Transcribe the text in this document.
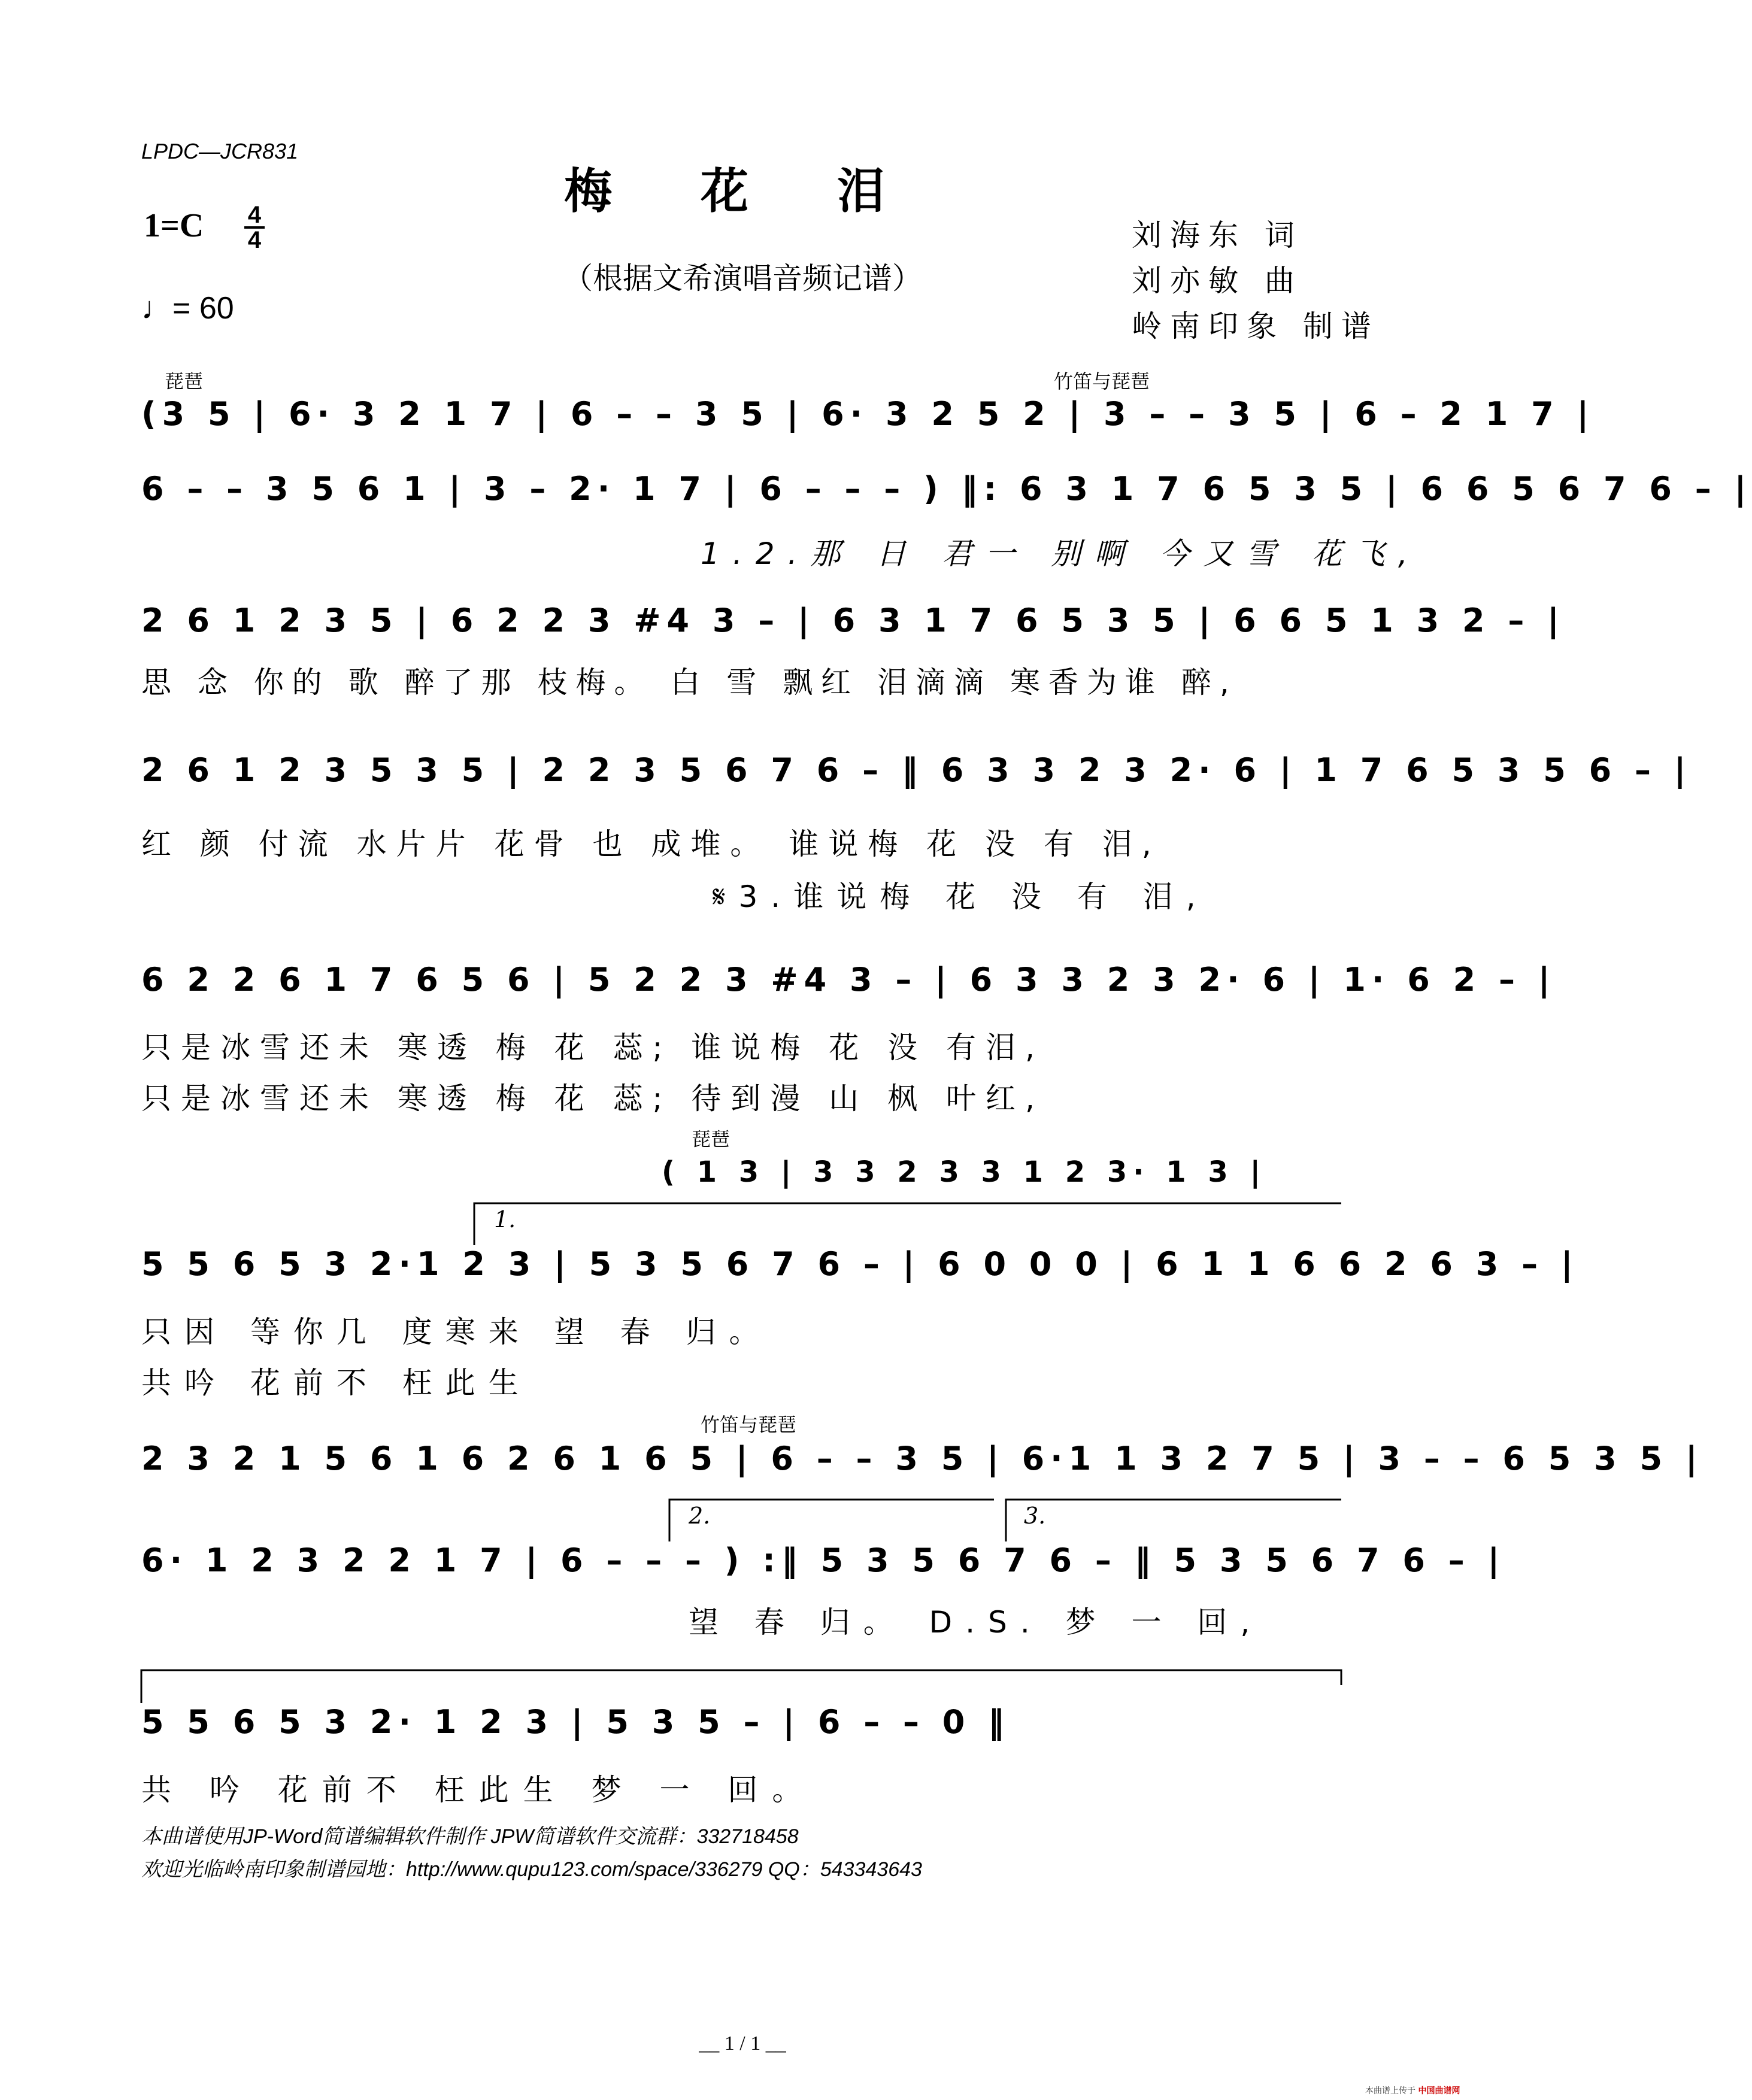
LPDC—JCR831
梅 花 泪
（根据文希演唱音频记谱）
1=C 4
4
♩= 60
刘海东 词
刘亦敏 曲
岭南印象 制谱
琵琶	竹笛与琵琶
琵琶
竹笛与琵琶
(3 5 | 6· 3 2 1 7 | 6 – – 3 5 | 6· 3 2 5 2 | 3 – – 3 5 | 6 – 2 1 7 |
6 – – 3 5 6 1 | 3 – 2· 1 7 | 6 – – – ) ‖: 6 3 1 7 6 5 3 5 | 6 6 5 6 7 6 – |
1.2.那 日 君一 别啊 今又雪 花飞,
2 6 1 2 3 5 | 6 2 2 3 #4 3 – | 6 3 1 7 6 5 3 5 | 6 6 5 1 3 2 – |
思 念 你的 歌 醉了那 枝梅。 白 雪 飘红 泪滴滴 寒香为谁 醉,
2 6 1 2 3 5 3 5 | 2 2 3 5 6 7 6 – ‖ 6 3 3 2 3 2· 6 | 1 7 6 5 3 5 6 – |
红 颜 付流 水片片 花骨 也 成堆。 谁说梅 花 没 有 泪,
𝄋3.谁说梅 花 没 有 泪,
6 2 2 6 1 7 6 5 6 | 5 2 2 3 #4 3 – | 6 3 3 2 3 2· 6 | 1· 6 2 – |
只是冰雪还未 寒透 梅 花 蕊; 谁说梅 花 没 有泪,
只是冰雪还未 寒透 梅 花 蕊; 待到漫 山 枫 叶红,
( 1 3 | 3 3 2 3 3 1 2 3· 1 3 |
1.
5 5 6 5 3 2·1 2 3 | 5 3 5 6 7 6 – | 6 0 0 0 | 6 1 1 6 6 2 6 3 – |
只因 等你几 度寒来 望 春 归。
共吟 花前不 枉此生
2 3 2 1 5 6 1 6 2 6 1 6 5 | 6 – – 3 5 | 6·1 1 3 2 7 5 | 3 – – 6 5 3 5 |
2.	3.
6· 1 2 3 2 2 1 7 | 6 – – – ) :‖ 5 3 5 6 7 6 – ‖ 5 3 5 6 7 6 – |
望 春 归。 D.S. 梦 一 回,
5 5 6 5 3 2· 1 2 3 | 5 3 5 – | 6 – – 0 ‖
共 吟 花前不 枉此生 梦 一 回。
本曲谱使用JP-Word简谱编辑软件制作 JPW简谱软件交流群：332718458
欢迎光临岭南印象制谱园地：http://www.qupu123.com/space/336279 QQ：543343643
__ 1 / 1 __
本曲谱上传于 中国曲谱网
